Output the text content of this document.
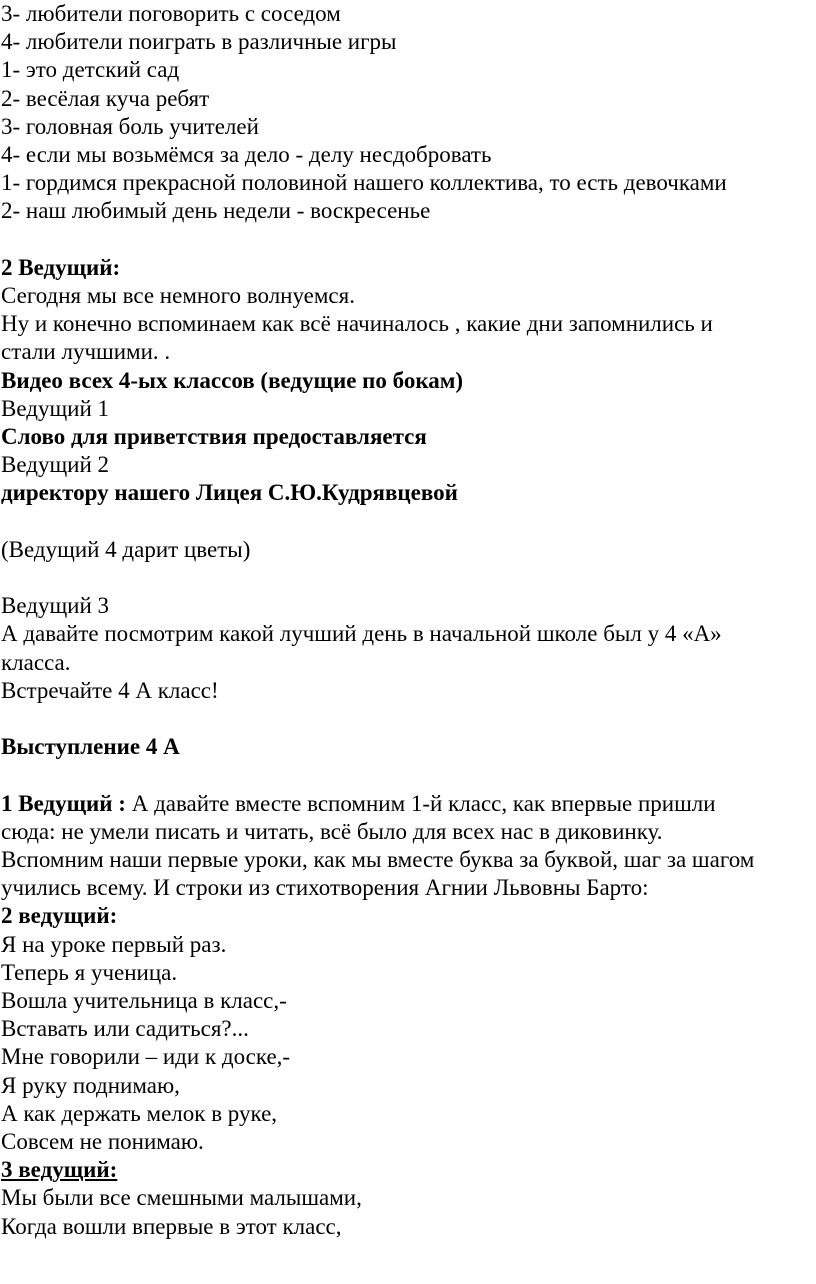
3- любители поговорить с соседом
4- любители поиграть в различные игры
1- это детский сад
2- весёлая куча ребят
3- головная боль учителей
4- если мы возьмёмся за дело - делу несдобровать
1- гордимся прекрасной половиной нашего коллектива, то есть девочками
2- наш любимый день недели - воскресенье
2 Ведущий:
Сегодня мы все немного волнуемся.
Ну и конечно вспоминаем как всё начиналось , какие дни запомнились и
стали лучшими. .
Видео всех 4-ых классов (ведущие по бокам)
Ведущий 1
Слово для приветствия предоставляется
Ведущий 2
директору нашего Лицея С.Ю.Кудрявцевой
(Ведущий 4 дарит цветы)
Ведущий 3
А давайте посмотрим какой лучший день в начальной школе был у 4 «А»
класса.
Встречайте 4 А класс!
Выступление 4 А
1 Ведущий : А давайте вместе вспомним 1-й класс, как впервые пришли
сюда: не умели писать и читать, всё было для всех нас в диковинку.
Вспомним наши первые уроки, как мы вместе буква за буквой, шаг за шагом
учились всему. И строки из стихотворения Агнии Львовны Барто:
2 ведущий:
Я на уроке первый раз.
Теперь я ученица.
Вошла учительница в класс,-
Вставать или садиться?...
Мне говорили – иди к доске,-
Я руку поднимаю,
А как держать мелок в руке,
Совсем не понимаю.
3 ведущий:
Мы были все смешными малышами,
Когда вошли впервые в этот класс,
